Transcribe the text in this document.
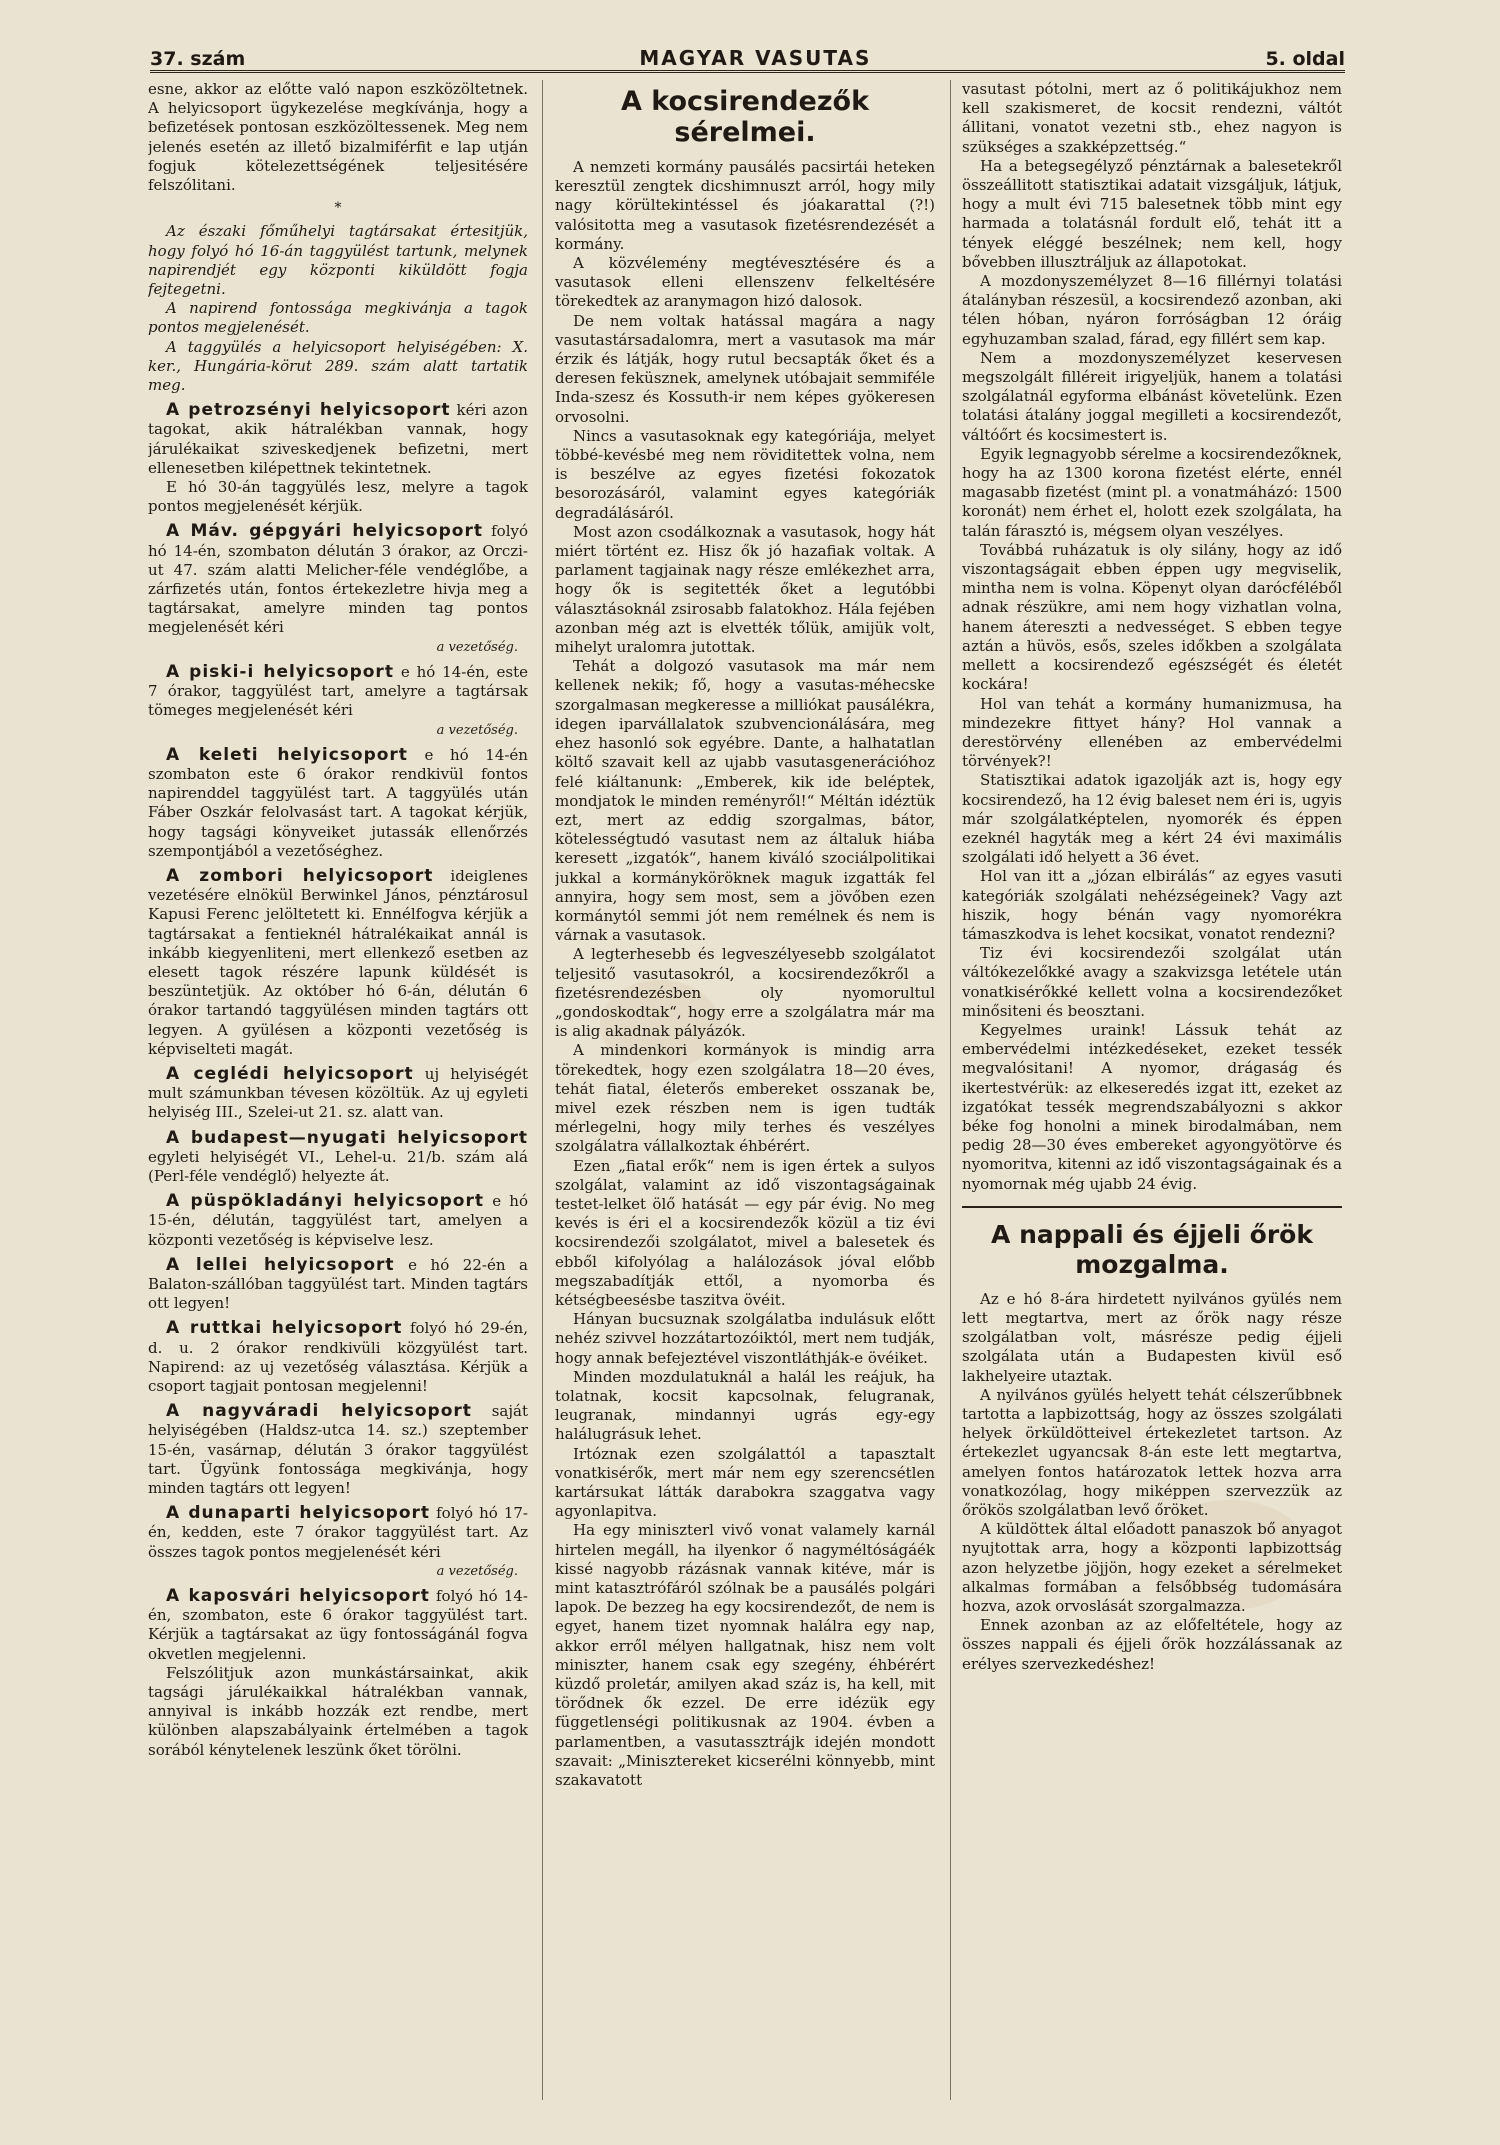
37. szám	MAGYAR VASUTAS	5. oldal

esne, akkor az előtte való napon eszközöltetnek. A helyicsoport ügykezelése megkívánja, hogy a befizetések pontosan eszközöltessenek. Meg nem jelenés esetén az illető bizalmiférfit e lap utján fogjuk kötelezettségének teljesitésére felszólitani.

*

Az északi főműhelyi tagtársakat értesitjük, hogy folyó hó 16-án taggyülést tartunk, melynek napirendjét egy központi kiküldött fogja fejtegetni.

A napirend fontossága megkivánja a tagok pontos megjelenését.

A taggyülés a helyicsoport helyiségében: X. ker., Hungária-körut 289. szám alatt tartatik meg.

A petrozsényi helyicsoport kéri azon tagokat, akik hátralékban vannak, hogy járulékaikat sziveskedjenek befizetni, mert ellenesetben kilépettnek tekintetnek.

E hó 30-án taggyülés lesz, melyre a tagok pontos megjelenését kérjük.

A Máv. gépgyári helyicsoport folyó hó 14-én, szombaton délután 3 órakor, az Orczi-ut 47. szám alatti Melicher-féle vendéglőbe, a zárfizetés után, fontos értekezletre hivja meg a tagtársakat, amelyre minden tag pontos megjelenését kéri

a vezetőség.

A piski-i helyicsoport e hó 14-én, este 7 órakor, taggyülést tart, amelyre a tagtársak tömeges megjelenését kéri

a vezetőség.

A keleti helyicsoport e hó 14-én szombaton este 6 órakor rendkivül fontos napirenddel taggyülést tart. A taggyülés után Fáber Oszkár felolvasást tart. A tagokat kérjük, hogy tagsági könyveiket jutassák ellenőrzés szempontjából a vezetőséghez.

A zombori helyicsoport ideiglenes vezetésére elnökül Berwinkel János, pénztárosul Kapusi Ferenc jelöltetett ki. Ennélfogva kérjük a tagtársakat a fentieknél hátralékaikat annál is inkább kiegyenliteni, mert ellenkező esetben az elesett tagok részére lapunk küldését is beszüntetjük. Az október hó 6-án, délután 6 órakor tartandó taggyülésen minden tagtárs ott legyen. A gyülésen a központi vezetőség is képviselteti magát.

A ceglédi helyicsoport uj helyiségét mult számunkban tévesen közöltük. Az uj egyleti helyiség III., Szelei-ut 21. sz. alatt van.

A budapest—nyugati helyicsoport egyleti helyiségét VI., Lehel-u. 21/b. szám alá (Perl-féle vendéglő) helyezte át.

A püspökladányi helyicsoport e hó 15-én, délután, taggyülést tart, amelyen a központi vezetőség is képviselve lesz.

A lellei helyicsoport e hó 22-én a Balaton-szállóban taggyülést tart. Minden tagtárs ott legyen!

A ruttkai helyicsoport folyó hó 29-én, d. u. 2 órakor rendkivüli közgyülést tart. Napirend: az uj vezetőség választása. Kérjük a csoport tagjait pontosan megjelenni!

A nagyváradi helyicsoport saját helyiségében (Haldsz-utca 14. sz.) szeptember 15-én, vasárnap, délután 3 órakor taggyülést tart. Ügyünk fontossága megkivánja, hogy minden tagtárs ott legyen!

A dunaparti helyicsoport folyó hó 17-én, kedden, este 7 órakor taggyülést tart. Az összes tagok pontos megjelenését kéri

a vezetőség.

A kaposvári helyicsoport folyó hó 14-én, szombaton, este 6 órakor taggyülést tart. Kérjük a tagtársakat az ügy fontosságánál fogva okvetlen megjelenni.

Felszólitjuk azon munkástársainkat, akik tagsági járulékaikkal hátralékban vannak, annyival is inkább hozzák ezt rendbe, mert különben alapszabályaink értelmében a tagok sorából kénytelenek leszünk őket törölni.

A kocsirendezők sérelmei.

A nemzeti kormány pausálés pacsirtái heteken keresztül zengtek dicshimnuszt arról, hogy mily nagy körültekintéssel és jóakarattal (?!) valósitotta meg a vasutasok fizetésrendezését a kormány.

A közvélemény megtévesztésére és a vasutasok elleni ellenszenv felkeltésére törekedtek az aranymagon hizó dalosok.

De nem voltak hatással magára a nagy vasutastársadalomra, mert a vasutasok ma már érzik és látják, hogy rutul becsapták őket és a deresen feküsznek, amelynek utóbajait semmiféle Inda-szesz és Kossuth-ir nem képes gyökeresen orvosolni.

Nincs a vasutasoknak egy kategóriája, melyet többé-kevésbé meg nem röviditettek volna, nem is beszélve az egyes fizetési fokozatok besorozásáról, valamint egyes kategóriák degradálásáról.

Most azon csodálkoznak a vasutasok, hogy hát miért történt ez. Hisz ők jó hazafiak voltak. A parlament tagjainak nagy része emlékezhet arra, hogy ők is segitették őket a legutóbbi választásoknál zsirosabb falatokhoz. Hála fejében azonban még azt is elvették tőlük, amijük volt, mihelyt uralomra jutottak.

Tehát a dolgozó vasutasok ma már nem kellenek nekik; fő, hogy a vasutas-méhecske szorgalmasan megkeresse a milliókat pausálékra, idegen iparvállalatok szubvencionálására, meg ehez hasonló sok egyébre. Dante, a halhatatlan költő szavait kell az ujabb vasutasgenerációhoz felé kiáltanunk: „Emberek, kik ide beléptek, mondjatok le minden reményről!“ Méltán idéztük ezt, mert az eddig szorgalmas, bátor, kötelességtudó vasutast nem az általuk hiába keresett „izgatók“, hanem kiváló szociálpolitikai jukkal a kormányköröknek maguk izgatták fel annyira, hogy sem most, sem a jövőben ezen kormánytól semmi jót nem remélnek és nem is várnak a vasutasok.

A legterhesebb és legveszélyesebb szolgálatot teljesitő vasutasokról, a kocsirendezőkről a fizetésrendezésben oly nyomorultul „gondoskodtak“, hogy erre a szolgálatra már ma is alig akadnak pályázók.

A mindenkori kormányok is mindig arra törekedtek, hogy ezen szolgálatra 18—20 éves, tehát fiatal, életerős embereket osszanak be, mivel ezek részben nem is igen tudták mérlegelni, hogy mily terhes és veszélyes szolgálatra vállalkoztak éhbérért.

Ezen „fiatal erők“ nem is igen értek a sulyos szolgálat, valamint az idő viszontagságainak testet-lelket ölő hatását — egy pár évig. No meg kevés is éri el a kocsirendezők közül a tiz évi kocsirendezői szolgálatot, mivel a balesetek és ebből kifolyólag a halálozások jóval előbb megszabadítják ettől, a nyomorba és kétségbeesésbe taszitva övéit.

Hányan bucsuznak szolgálatba indulásuk előtt nehéz szivvel hozzátartozóiktól, mert nem tudják, hogy annak befejeztével viszontláthják-e övéiket.

Minden mozdulatuknál a halál les reájuk, ha tolatnak, kocsit kapcsolnak, felugranak, leugranak, mindannyi ugrás egy-egy halálugrásuk lehet.

Irtóznak ezen szolgálattól a tapasztalt vonatkisérők, mert már nem egy szerencsétlen kartársukat látták darabokra szaggatva vagy agyonlapitva.

Ha egy miniszterl vivő vonat valamely karnál hirtelen megáll, ha ilyenkor ő nagyméltóságáék kissé nagyobb rázásnak vannak kitéve, már is mint katasztrófáról szólnak be a pausálés polgári lapok. De bezzeg ha egy kocsirendezőt, de nem is egyet, hanem tizet nyomnak halálra egy nap, akkor erről mélyen hallgatnak, hisz nem volt miniszter, hanem csak egy szegény, éhbérért küzdő proletár, amilyen akad száz is, ha kell, mit törődnek ők ezzel. De erre idézük egy függetlenségi politikusnak az 1904. évben a parlamentben, a vasutassztrájk idején mondott szavait: „Minisztereket kicserélni könnyebb, mint szakavatott

vasutast pótolni, mert az ő politikájukhoz nem kell szakismeret, de kocsit rendezni, váltót állitani, vonatot vezetni stb., ehez nagyon is szükséges a szakképzettség.“

Ha a betegsegélyző pénztárnak a balesetekről összeállitott statisztikai adatait vizsgáljuk, látjuk, hogy a mult évi 715 balesetnek több mint egy harmada a tolatásnál fordult elő, tehát itt a tények eléggé beszélnek; nem kell, hogy bővebben illusztráljuk az állapotokat.

A mozdonyszemélyzet 8—16 fillérnyi tolatási átalányban részesül, a kocsirendező azonban, aki télen hóban, nyáron forróságban 12 óráig egyhuzamban szalad, fárad, egy fillért sem kap.

Nem a mozdonyszemélyzet keservesen megszolgált filléreit irigyeljük, hanem a tolatási szolgálatnál egyforma elbánást követelünk. Ezen tolatási átalány joggal megilleti a kocsirendezőt, váltóőrt és kocsimestert is.

Egyik legnagyobb sérelme a kocsirendezőknek, hogy ha az 1300 korona fizetést elérte, ennél magasabb fizetést (mint pl. a vonatmáházó: 1500 koronát) nem érhet el, holott ezek szolgálata, ha talán fárasztó is, mégsem olyan veszélyes.

Továbbá ruházatuk is oly silány, hogy az idő viszontagságait ebben éppen ugy megviselik, mintha nem is volna. Köpenyt olyan darócféléből adnak részükre, ami nem hogy vizhatlan volna, hanem átereszti a nedvességet. S ebben tegye aztán a hüvös, esős, szeles időkben a szolgálata mellett a kocsirendező egészségét és életét kockára!

Hol van tehát a kormány humanizmusa, ha mindezekre fittyet hány? Hol vannak a derestörvény ellenében az embervédelmi törvények?!

Statisztikai adatok igazolják azt is, hogy egy kocsirendező, ha 12 évig baleset nem éri is, ugyis már szolgálatképtelen, nyomorék és éppen ezeknél hagyták meg a kért 24 évi maximális szolgálati idő helyett a 36 évet.

Hol van itt a „józan elbirálás“ az egyes vasuti kategóriák szolgálati nehézségeinek? Vagy azt hiszik, hogy bénán vagy nyomorékra támaszkodva is lehet kocsikat, vonatot rendezni?

Tiz évi kocsirendezői szolgálat után váltókezelőkké avagy a szakvizsga letétele után vonatkisérőkké kellett volna a kocsirendezőket minősiteni és beosztani.

Kegyelmes uraink! Lássuk tehát az embervédelmi intézkedéseket, ezeket tessék megvalósitani! A nyomor, drágaság és ikertestvérük: az elkeseredés izgat itt, ezeket az izgatókat tessék megrendszabályozni s akkor béke fog honolni a minek birodalmában, nem pedig 28—30 éves embereket agyongyötörve és nyomoritva, kitenni az idő viszontagságainak és a nyomornak még ujabb 24 évig.

A nappali és éjjeli őrök mozgalma.

Az e hó 8-ára hirdetett nyilvános gyülés nem lett megtartva, mert az őrök nagy része szolgálatban volt, másrésze pedig éjjeli szolgálata után a Budapesten kivül eső lakhelyeire utaztak.

A nyilvános gyülés helyett tehát célszerűbbnek tartotta a lapbizottság, hogy az összes szolgálati helyek örküldötteivel értekezletet tartson. Az értekezlet ugyancsak 8-án este lett megtartva, amelyen fontos határozatok lettek hozva arra vonatkozólag, hogy miképpen szervezzük az őrökös szolgálatban levő őröket.

A küldöttek által előadott panaszok bő anyagot nyujtottak arra, hogy a központi lapbizottság azon helyzetbe jöjjön, hogy ezeket a sérelmeket alkalmas formában a felsőbbség tudomására hozva, azok orvoslását szorgalmazza.

Ennek azonban az az előfeltétele, hogy az összes nappali és éjjeli őrök hozzálássanak az erélyes szervezkedéshez!
